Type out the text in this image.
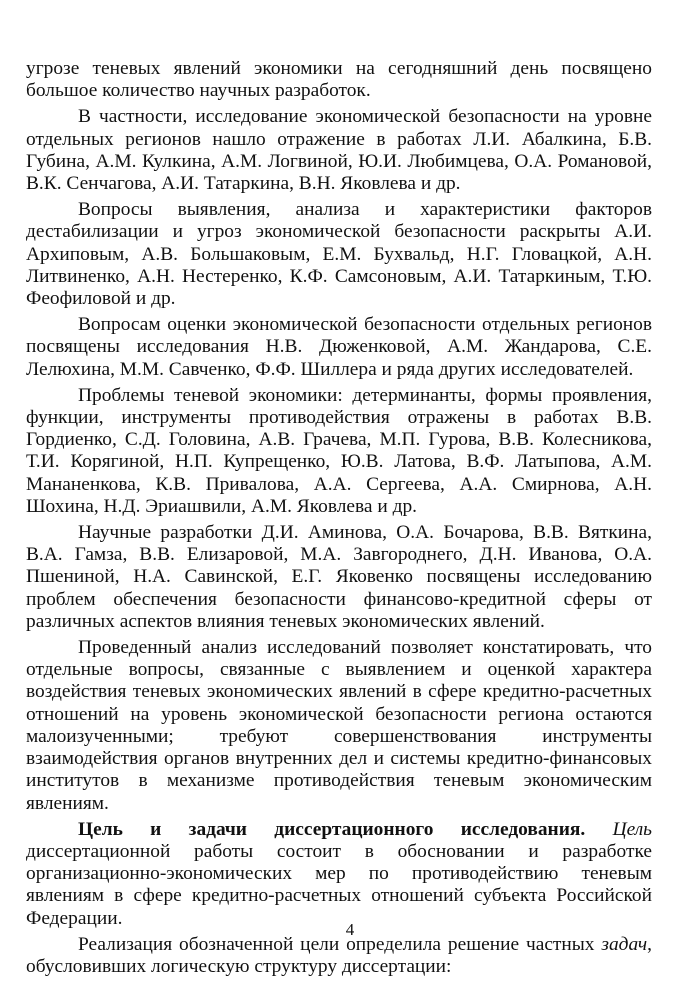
угрозе теневых явлений экономики на сегодняшний день посвящено большое количество научных разработок.

В частности, исследование экономической безопасности на уровне отдельных регионов нашло отражение в работах Л.И. Абалкина, Б.В. Губина, А.М. Кулкина, А.М. Логвиной, Ю.И. Любимцева, О.А. Романовой, В.К. Сенчагова, А.И. Татаркина, В.Н. Яковлева и др.

Вопросы выявления, анализа и характеристики факторов дестабилизации и угроз экономической безопасности раскрыты А.И. Архиповым, А.В. Большаковым, Е.М. Бухвальд, Н.Г. Гловацкой, А.Н. Литвиненко, А.Н. Нестеренко, К.Ф. Самсоновым, А.И. Татаркиным, Т.Ю. Феофиловой и др.

Вопросам оценки экономической безопасности отдельных регионов посвящены исследования Н.В. Дюженковой, А.М. Жандарова, С.Е. Лелюхина, М.М. Савченко, Ф.Ф. Шиллера и ряда других исследователей.

Проблемы теневой экономики: детерминанты, формы проявления, функции, инструменты противодействия отражены в работах В.В. Гордиенко, С.Д. Головина, А.В. Грачева, М.П. Гурова, В.В. Колесникова, Т.И. Корягиной, Н.П. Купрещенко, Ю.В. Латова, В.Ф. Латыпова, А.М. Мананенкова, К.В. Привалова, А.А. Сергеева, А.А. Смирнова, А.Н. Шохина, Н.Д. Эриашвили, А.М. Яковлева и др.

Научные разработки Д.И. Аминова, О.А. Бочарова, В.В. Вяткина, В.А. Гамза, В.В. Елизаровой, М.А. Завгороднего, Д.Н. Иванова, О.А. Пшениной, Н.А. Савинской, Е.Г. Яковенко посвящены исследованию проблем обеспечения безопасности финансово-кредитной сферы от различных аспектов влияния теневых экономических явлений.

Проведенный анализ исследований позволяет констатировать, что отдельные вопросы, связанные с выявлением и оценкой характера воздействия теневых экономических явлений в сфере кредитно-расчетных отношений на уровень экономической безопасности региона остаются малоизученными; требуют совершенствования инструменты взаимодействия органов внутренних дел и системы кредитно-финансовых институтов в механизме противодействия теневым экономическим явлениям.

Цель и задачи диссертационного исследования. Цель диссертационной работы состоит в обосновании и разработке организационно-экономических мер по противодействию теневым явлениям в сфере кредитно-расчетных отношений субъекта Российской Федерации.

Реализация обозначенной цели определила решение частных задач, обусловивших логическую структуру диссертации:

4
